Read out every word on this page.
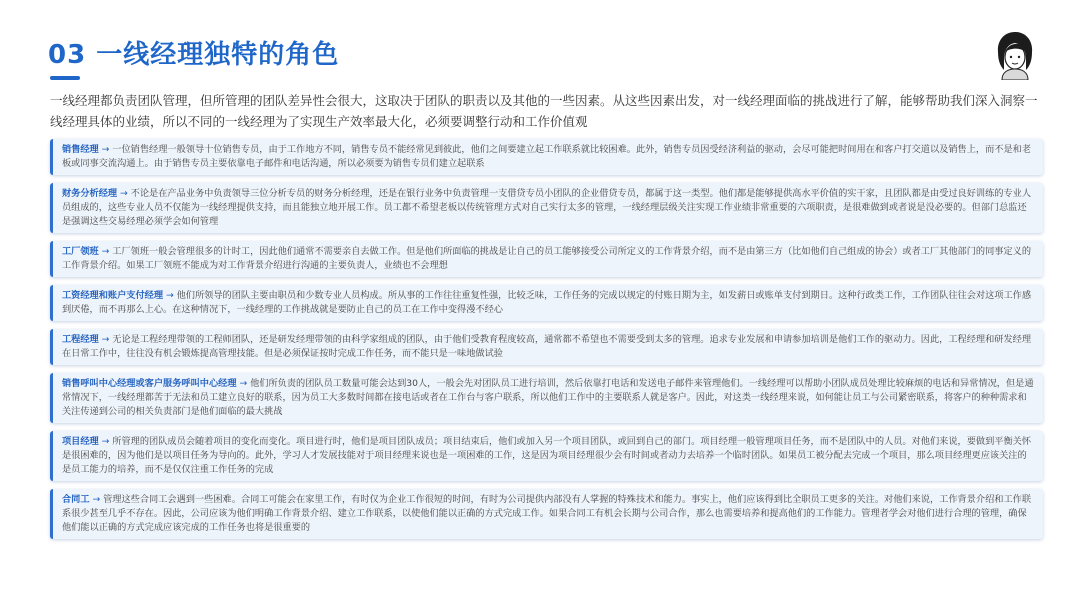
03 一线经理独特的角色
一线经理都负责团队管理，但所管理的团队差异性会很大，这取决于团队的职责以及其他的一些因素。从这些因素出发，对一线经理面临的挑战进行了解，能够帮助我们深入洞察一线经理具体的业绩，所以不同的一线经理为了实现生产效率最大化，必须要调整行动和工作价值观
销售经理 → 一位销售经理一般领导十位销售专员，由于工作地方不同，销售专员不能经常见到彼此，他们之间要建立起工作联系就比较困难。此外，销售专员因受经济利益的驱动，会尽可能把时间用在和客户打交道以及销售上，而不是和老板或同事交流沟通上。由于销售专员主要依靠电子邮件和电话沟通，所以必须要为销售专员们建立起联系
财务分析经理 → 不论是在产品业务中负责领导三位分析专员的财务分析经理，还是在银行业务中负责管理一支借贷专员小团队的企业借贷专员，都属于这一类型。他们都是能够提供高水平价值的实干家，且团队都是由受过良好训练的专业人员组成的，这些专业人员不仅能为一线经理提供支持，而且能独立地开展工作。员工都不希望老板以传统管理方式对自己实行太多的管理，一线经理层级关注实现工作业绩非常重要的六项职责，是很难做到或者说是没必要的。但部门总监还是强调这些交易经理必须学会如何管理
工厂领班 → 工厂领班一般会管理很多的计时工，因此他们通常不需要亲自去做工作。但是他们所面临的挑战是让自己的员工能够接受公司所定义的工作背景介绍，而不是由第三方（比如他们自己组成的协会）或者工厂其他部门的同事定义的工作背景介绍。如果工厂领班不能成为对工作背景介绍进行沟通的主要负责人，业绩也不会理想
工资经理和账户支付经理 → 他们所领导的团队主要由职员和少数专业人员构成。所从事的工作往往重复性强，比较乏味，工作任务的完成以规定的付账日期为主，如发薪日或账单支付到期日。这种行政类工作，工作团队往往会对这项工作感到厌倦，而不再那么上心。在这种情况下，一线经理的工作挑战就是要防止自己的员工在工作中变得漫不经心
工程经理 → 无论是工程经理带领的工程师团队，还是研发经理带领的由科学家组成的团队，由于他们受教育程度较高，通常都不希望也不需要受到太多的管理。追求专业发展和申请参加培训是他们工作的驱动力。因此，工程经理和研发经理在日常工作中，往往没有机会锻炼提高管理技能。但是必须保证按时完成工作任务，而不能只是一味地做试验
销售呼叫中心经理或客户服务呼叫中心经理 → 他们所负责的团队员工数量可能会达到30人，一般会先对团队员工进行培训，然后依靠打电话和发送电子邮件来管理他们。一线经理可以帮助小团队成员处理比较麻烦的电话和异常情况，但是通常情况下，一线经理都苦于无法和员工建立良好的联系，因为员工大多数时间都在接电话或者在工作台与客户联系，所以他们工作中的主要联系人就是客户。因此，对这类一线经理来说，如何能让员工与公司紧密联系，将客户的种种需求和关注传递到公司的相关负责部门是他们面临的最大挑战
项目经理 → 所管理的团队成员会随着项目的变化而变化。项目进行时，他们是项目团队成员；项目结束后，他们或加入另一个项目团队，或回到自己的部门。项目经理一般管理项目任务，而不是团队中的人员。对他们来说，要做到平衡关怀是很困难的，因为他们是以项目任务为导向的。此外，学习人才发展技能对于项目经理来说也是一项困难的工作，这是因为项目经理很少会有时间或者动力去培养一个临时团队。如果员工被分配去完成一个项目，那么项目经理更应该关注的是员工能力的培养，而不是仅仅注重工作任务的完成
合同工 → 管理这些合同工会遇到一些困难。合同工可能会在家里工作，有时仅为企业工作很短的时间，有时为公司提供内部没有人掌握的特殊技术和能力。事实上，他们应该得到比全职员工更多的关注。对他们来说，工作背景介绍和工作联系很少甚至几乎不存在。因此，公司应该为他们明确工作背景介绍、建立工作联系，以使他们能以正确的方式完成工作。如果合同工有机会长期与公司合作，那么也需要培养和提高他们的工作能力。管理者学会对他们进行合理的管理，确保他们能以正确的方式完成应该完成的工作任务也将是很重要的
